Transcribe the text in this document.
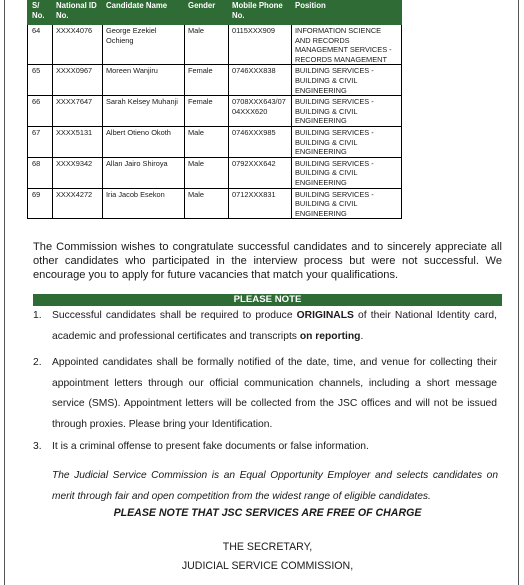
S/ No.	National ID No.	Candidate Name	Gender	Mobile Phone No.	Position
64	XXXX4076	George Ezekiel Ochieng	Male	0115XXX909	INFORMATION SCIENCE AND RECORDS MANAGEMENT SERVICES - RECORDS MANAGEMENT
65	XXXX0967	Moreen Wanjiru	Female	0746XXX838	BUILDING SERVICES - BUILDING & CIVIL ENGINEERING
66	XXXX7647	Sarah Kelsey Muhanji	Female	0708XXX643/0704XXX620	BUILDING SERVICES - BUILDING & CIVIL ENGINEERING
67	XXXX5131	Albert Otieno Okoth	Male	0746XXX985	BUILDING SERVICES - BUILDING & CIVIL ENGINEERING
68	XXXX9342	Allan Jairo Shiroya	Male	0792XXX642	BUILDING SERVICES - BUILDING & CIVIL ENGINEERING
69	XXXX4272	Iria Jacob Esekon	Male	0712XXX831	BUILDING SERVICES - BUILDING & CIVIL ENGINEERING

The Commission wishes to congratulate successful candidates and to sincerely appreciate all other candidates who participated in the interview process but were not successful. We encourage you to apply for future vacancies that match your qualifications.

PLEASE NOTE
1. Successful candidates shall be required to produce ORIGINALS of their National Identity card, academic and professional certificates and transcripts on reporting.
2. Appointed candidates shall be formally notified of the date, time, and venue for collecting their appointment letters through our official communication channels, including a short message service (SMS). Appointment letters will be collected from the JSC offices and will not be issued through proxies. Please bring your Identification.
3. It is a criminal offense to present fake documents or false information.

The Judicial Service Commission is an Equal Opportunity Employer and selects candidates on merit through fair and open competition from the widest range of eligible candidates.

PLEASE NOTE THAT JSC SERVICES ARE FREE OF CHARGE
THE SECRETARY,
JUDICIAL SERVICE COMMISSION,
